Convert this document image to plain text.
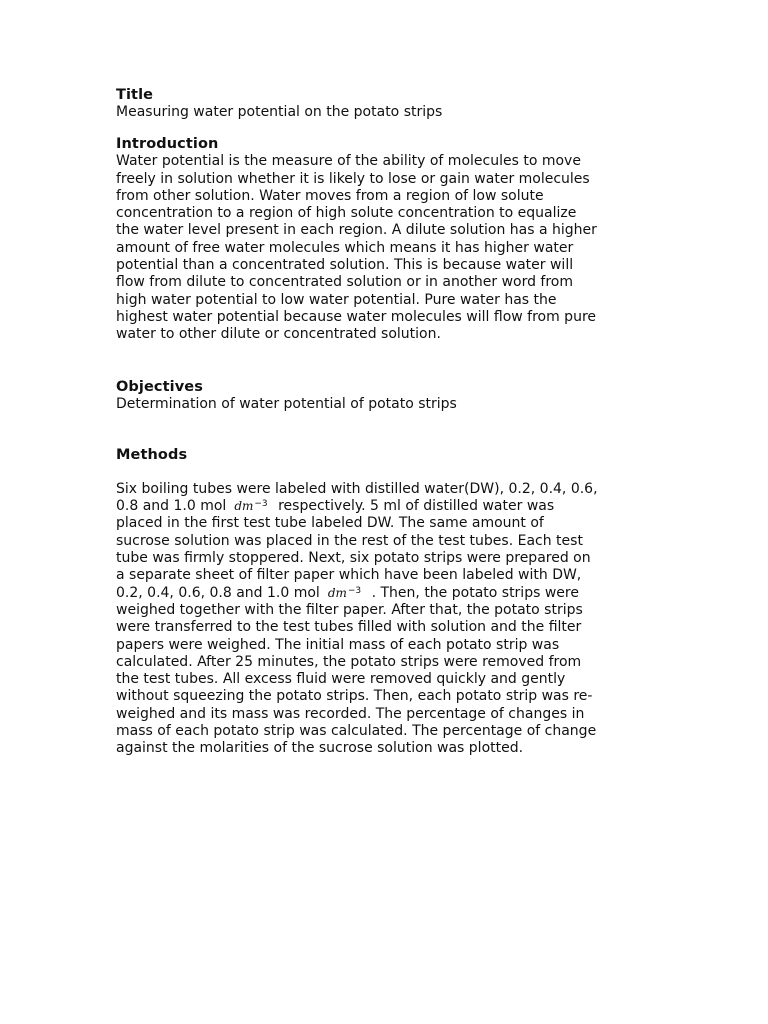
Title

Measuring water potential on the potato strips

Introduction
Water potential is the measure of the ability of molecules to move
freely in solution whether it is likely to lose or gain water molecules
from other solution. Water moves from a region of low solute
concentration to a region of high solute concentration to equalize
the water level present in each region. A dilute solution has a higher
amount of free water molecules which means it has higher water
potential than a concentrated solution. This is because water will
flow from dilute to concentrated solution or in another word from
high water potential to low water potential. Pure water has the
highest water potential because water molecules will flow from pure
water to other dilute or concentrated solution.
Objectives

Determination of water potential of potato strips

Methods
Six boiling tubes were labeled with distilled water(DW), 0.2, 0.4, 0.6,
0.8 and 1.0 mol $dm^{-3}$ respectively. 5 ml of distilled water was
placed in the first test tube labeled DW. The same amount of
sucrose solution was placed in the rest of the test tubes. Each test
tube was firmly stoppered. Next, six potato strips were prepared on
a separate sheet of filter paper which have been labeled with DW,
0.2, 0.4, 0.6, 0.8 and 1.0 mol $dm^{-3}$ . Then, the potato strips were
weighed together with the filter paper. After that, the potato strips
were transferred to the test tubes filled with solution and the filter
papers were weighed. The initial mass of each potato strip was
calculated. After 25 minutes, the potato strips were removed from
the test tubes. All excess fluid were removed quickly and gently
without squeezing the potato strips. Then, each potato strip was re-
weighed and its mass was recorded. The percentage of changes in
mass of each potato strip was calculated. The percentage of change
against the molarities of the sucrose solution was plotted.
